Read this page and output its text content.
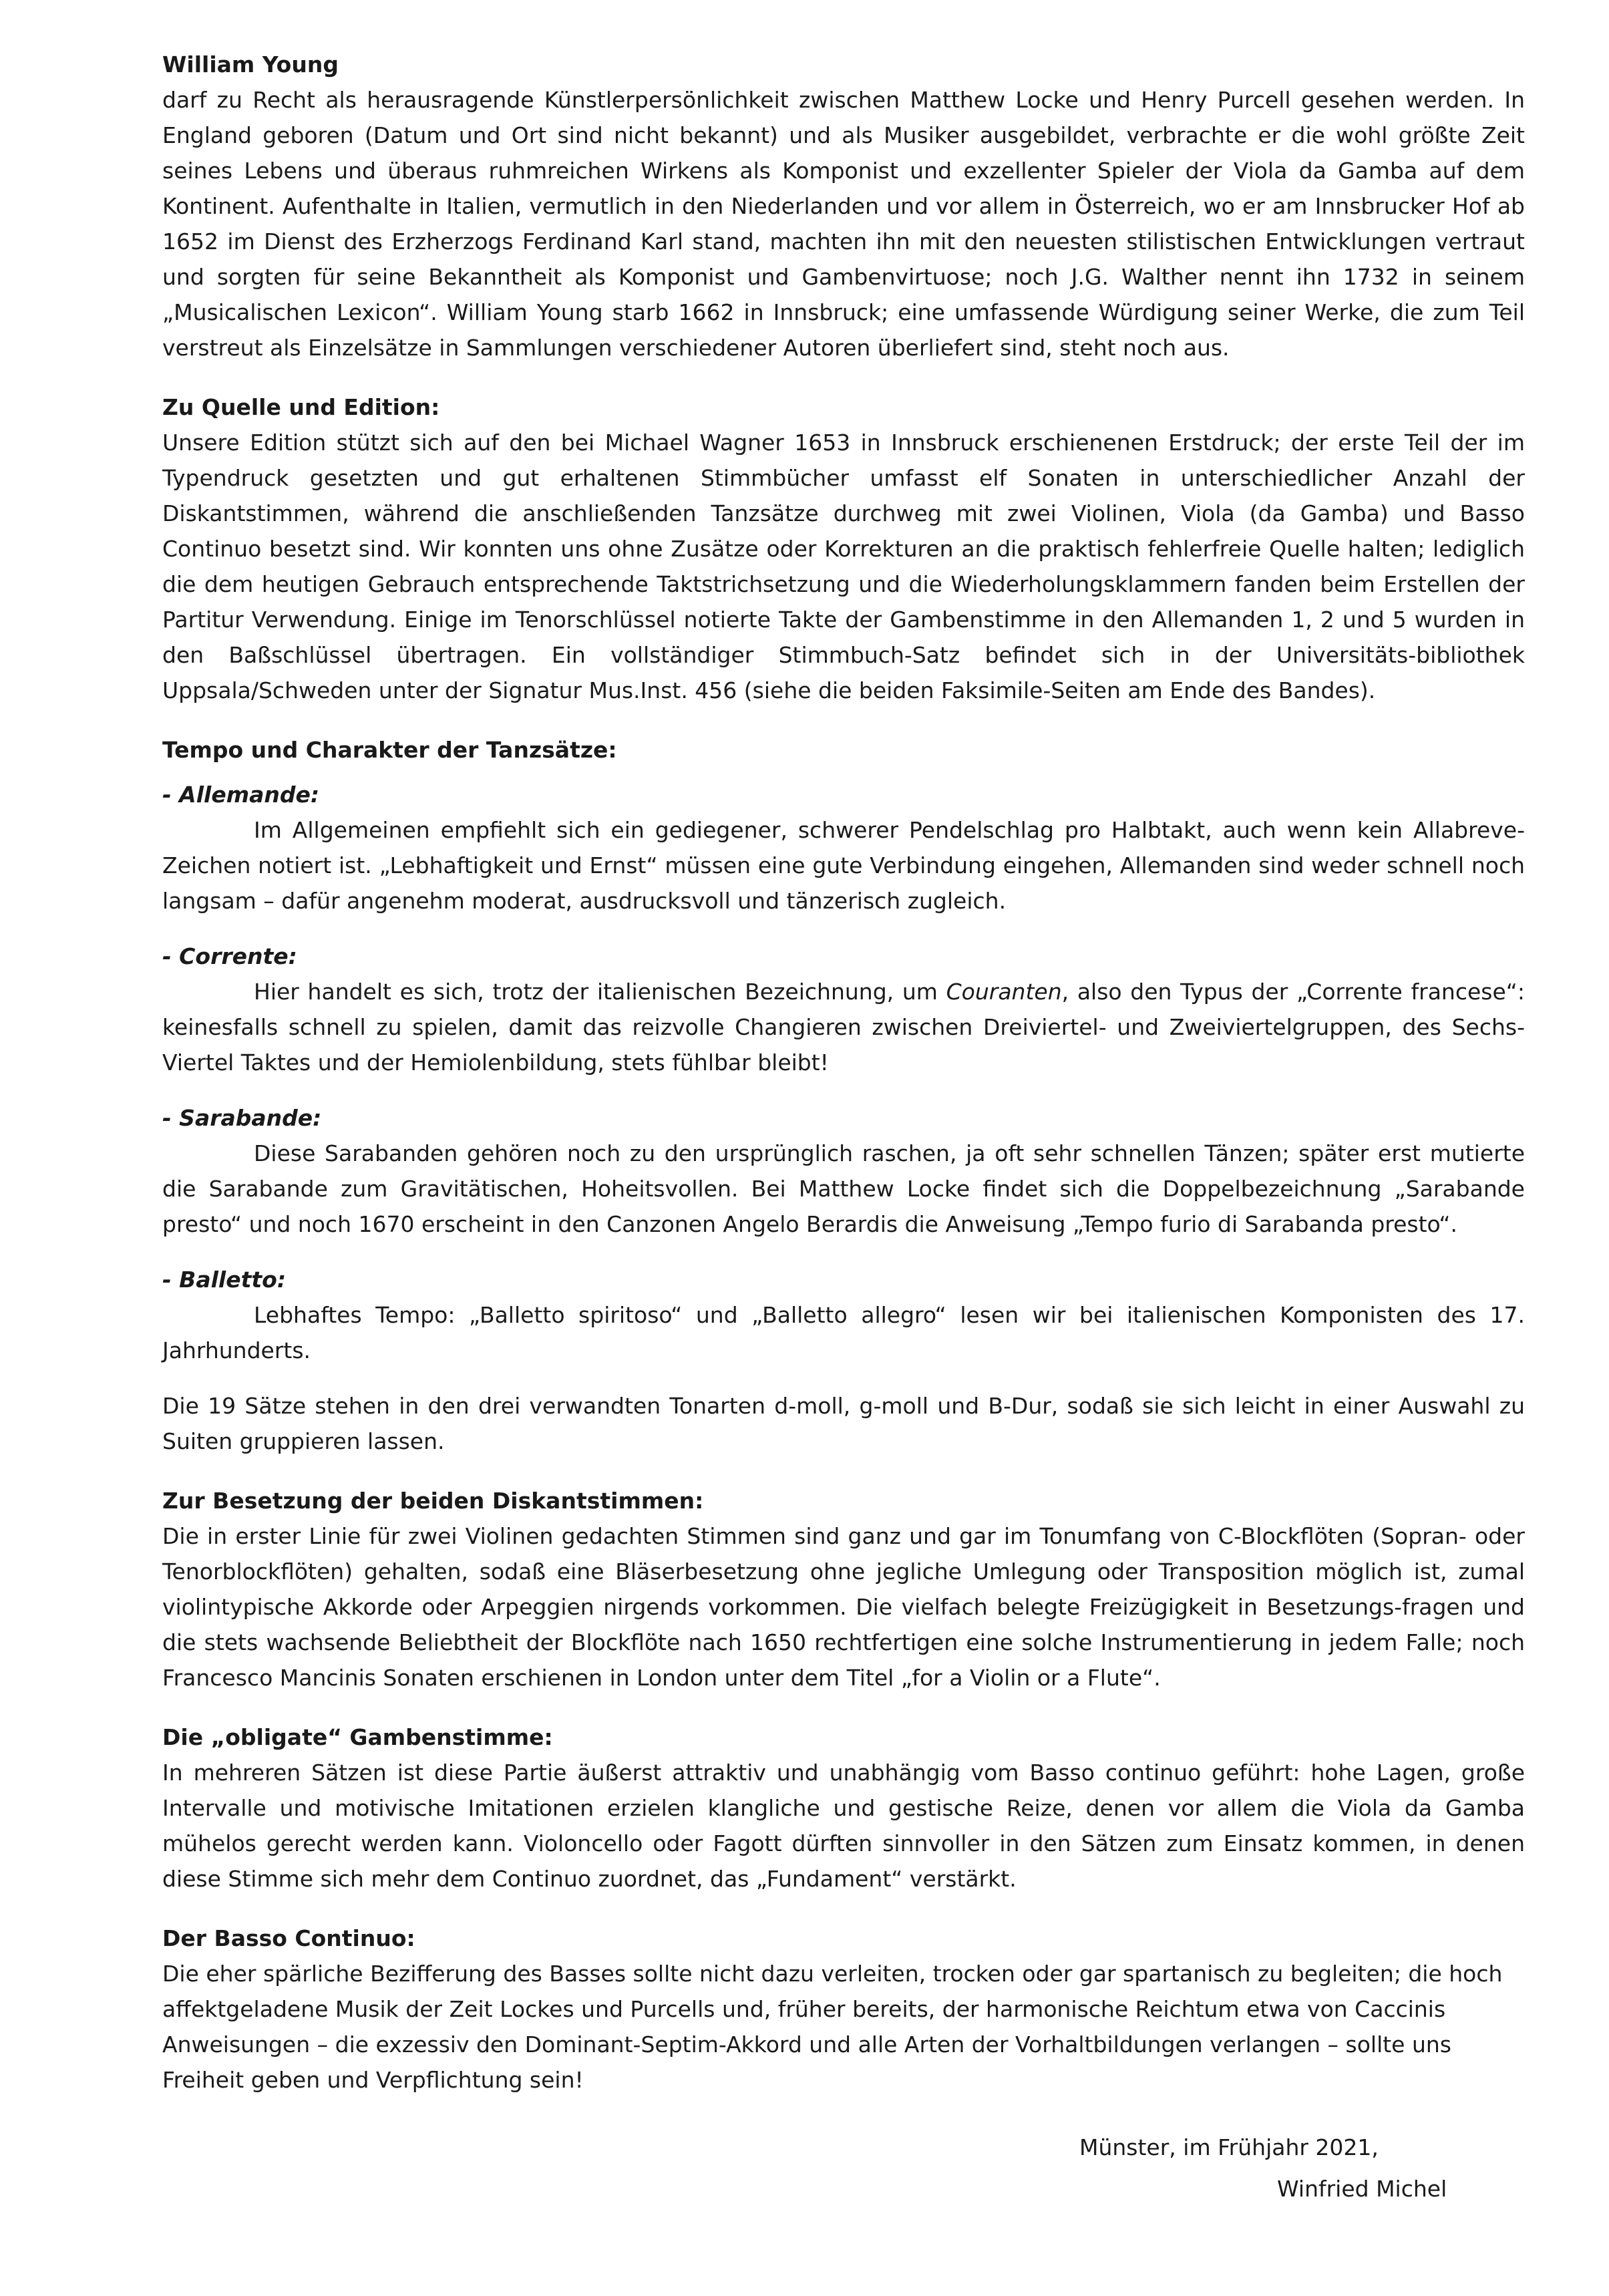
William Young

darf zu Recht als herausragende Künstlerpersönlichkeit zwischen Matthew Locke und Henry Purcell gesehen werden. In England geboren (Datum und Ort sind nicht bekannt) und als Musiker ausgebildet, verbrachte er die wohl größte Zeit seines Lebens und überaus ruhmreichen Wirkens als Komponist und exzellenter Spieler der Viola da Gamba auf dem Kontinent. Aufenthalte in Italien, vermutlich in den Niederlanden und vor allem in Österreich, wo er am Innsbrucker Hof ab 1652 im Dienst des Erzherzogs Ferdinand Karl stand, machten ihn mit den neuesten stilistischen Entwicklungen vertraut und sorgten für seine Bekanntheit als Komponist und Gambenvirtuose; noch J.G. Walther nennt ihn 1732 in seinem „Musicalischen Lexicon“. William Young starb 1662 in Innsbruck; eine umfassende Würdigung seiner Werke, die zum Teil verstreut als Einzelsätze in Sammlungen verschiedener Autoren überliefert sind, steht noch aus.

Zu Quelle und Edition:

Unsere Edition stützt sich auf den bei Michael Wagner 1653 in Innsbruck erschienenen Erstdruck; der erste Teil der im Typendruck gesetzten und gut erhaltenen Stimmbücher umfasst elf Sonaten in unterschiedlicher Anzahl der Diskantstimmen, während die anschließenden Tanzsätze durchweg mit zwei Violinen, Viola (da Gamba) und Basso Continuo besetzt sind. Wir konnten uns ohne Zusätze oder Korrekturen an die praktisch fehlerfreie Quelle halten; lediglich die dem heutigen Gebrauch entsprechende Taktstrichsetzung und die Wiederholungsklammern fanden beim Erstellen der Partitur Verwendung. Einige im Tenorschlüssel notierte Takte der Gambenstimme in den Allemanden 1, 2 und 5 wurden in den Baßschlüssel übertragen. Ein vollständiger Stimmbuch-Satz befindet sich in der Universitäts-bibliothek Uppsala/Schweden unter der Signatur Mus.Inst. 456 (siehe die beiden Faksimile-Seiten am Ende des Bandes).

Tempo und Charakter der Tanzsätze:

- Allemande:

Im Allgemeinen empfiehlt sich ein gediegener, schwerer Pendelschlag pro Halbtakt, auch wenn kein Allabreve-Zeichen notiert ist. „Lebhaftigkeit und Ernst“ müssen eine gute Verbindung eingehen, Allemanden sind weder schnell noch langsam – dafür angenehm moderat, ausdrucksvoll und tänzerisch zugleich.

- Corrente:

Hier handelt es sich, trotz der italienischen Bezeichnung, um Couranten, also den Typus der „Corrente francese“: keinesfalls schnell zu spielen, damit das reizvolle Changieren zwischen Dreiviertel- und Zweiviertelgruppen, des Sechs-Viertel Taktes und der Hemiolenbildung, stets fühlbar bleibt!

- Sarabande:

Diese Sarabanden gehören noch zu den ursprünglich raschen, ja oft sehr schnellen Tänzen; später erst mutierte die Sarabande zum Gravitätischen, Hoheitsvollen. Bei Matthew Locke findet sich die Doppelbezeichnung „Sarabande presto“ und noch 1670 erscheint in den Canzonen Angelo Berardis die Anweisung „Tempo furio di Sarabanda presto“.

- Balletto:

Lebhaftes Tempo: „Balletto spiritoso“ und „Balletto allegro“ lesen wir bei italienischen Komponisten des 17. Jahrhunderts.

Die 19 Sätze stehen in den drei verwandten Tonarten d-moll, g-moll und B-Dur, sodaß sie sich leicht in einer Auswahl zu Suiten gruppieren lassen.

Zur Besetzung der beiden Diskantstimmen:

Die in erster Linie für zwei Violinen gedachten Stimmen sind ganz und gar im Tonumfang von C-Blockflöten (Sopran- oder Tenorblockflöten) gehalten, sodaß eine Bläserbesetzung ohne jegliche Umlegung oder Transposition möglich ist, zumal violintypische Akkorde oder Arpeggien nirgends vorkommen. Die vielfach belegte Freizügigkeit in Besetzungs-fragen und die stets wachsende Beliebtheit der Blockflöte nach 1650 rechtfertigen eine solche Instrumentierung in jedem Falle; noch Francesco Mancinis Sonaten erschienen in London unter dem Titel „for a Violin or a Flute“.

Die „obligate“ Gambenstimme:

In mehreren Sätzen ist diese Partie äußerst attraktiv und unabhängig vom Basso continuo geführt: hohe Lagen, große Intervalle und motivische Imitationen erzielen klangliche und gestische Reize, denen vor allem die Viola da Gamba mühelos gerecht werden kann. Violoncello oder Fagott dürften sinnvoller in den Sätzen zum Einsatz kommen, in denen diese Stimme sich mehr dem Continuo zuordnet, das „Fundament“ verstärkt.

Der Basso Continuo:

Die eher spärliche Bezifferung des Basses sollte nicht dazu verleiten, trocken oder gar spartanisch zu begleiten; die hoch affektgeladene Musik der Zeit Lockes und Purcells und, früher bereits, der harmonische Reichtum etwa von Caccinis Anweisungen – die exzessiv den Dominant-Septim-Akkord und alle Arten der Vorhaltbildungen verlangen – sollte uns Freiheit geben und Verpflichtung sein!

Münster, im Frühjahr 2021,
Winfried Michel
